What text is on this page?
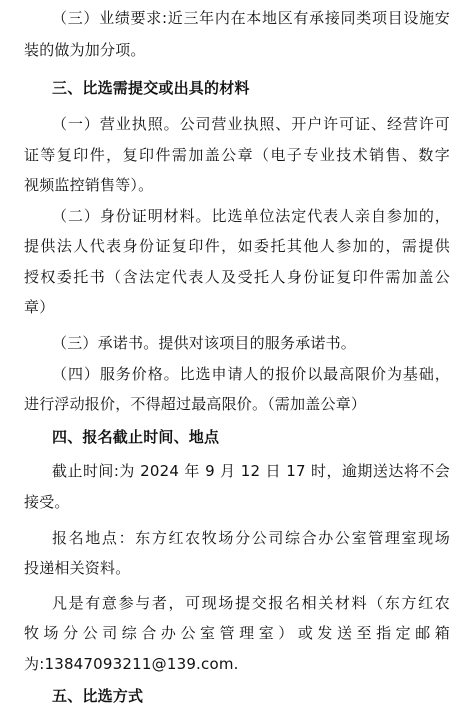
（三）业绩要求:近三年内在本地区有承接同类项目设施安
装的做为加分项。
三、比选需提交或出具的材料
（一）营业执照。公司营业执照、开户许可证、经营许可
证等复印件，复印件需加盖公章（电子专业技术销售、数字
视频监控销售等）。
（二）身份证明材料。比选单位法定代表人亲自参加的，
提供法人代表身份证复印件，如委托其他人参加的，需提供
授权委托书（含法定代表人及受托人身份证复印件需加盖公
章）
（三）承诺书。提供对该项目的服务承诺书。
（四）服务价格。比选申请人的报价以最高限价为基础，
进行浮动报价，不得超过最高限价。（需加盖公章）
四、报名截止时间、地点
截止时间:为 2024 年 9 月 12 日 17 时，逾期送达将不会
接受。
报名地点：东方红农牧场分公司综合办公室管理室现场
投递相关资料。
凡是有意参与者，可现场提交报名相关材料（东方红农
牧场分公司综合办公室管理室）或发送至指定邮箱
为:13847093211@139.com.
五、比选方式
